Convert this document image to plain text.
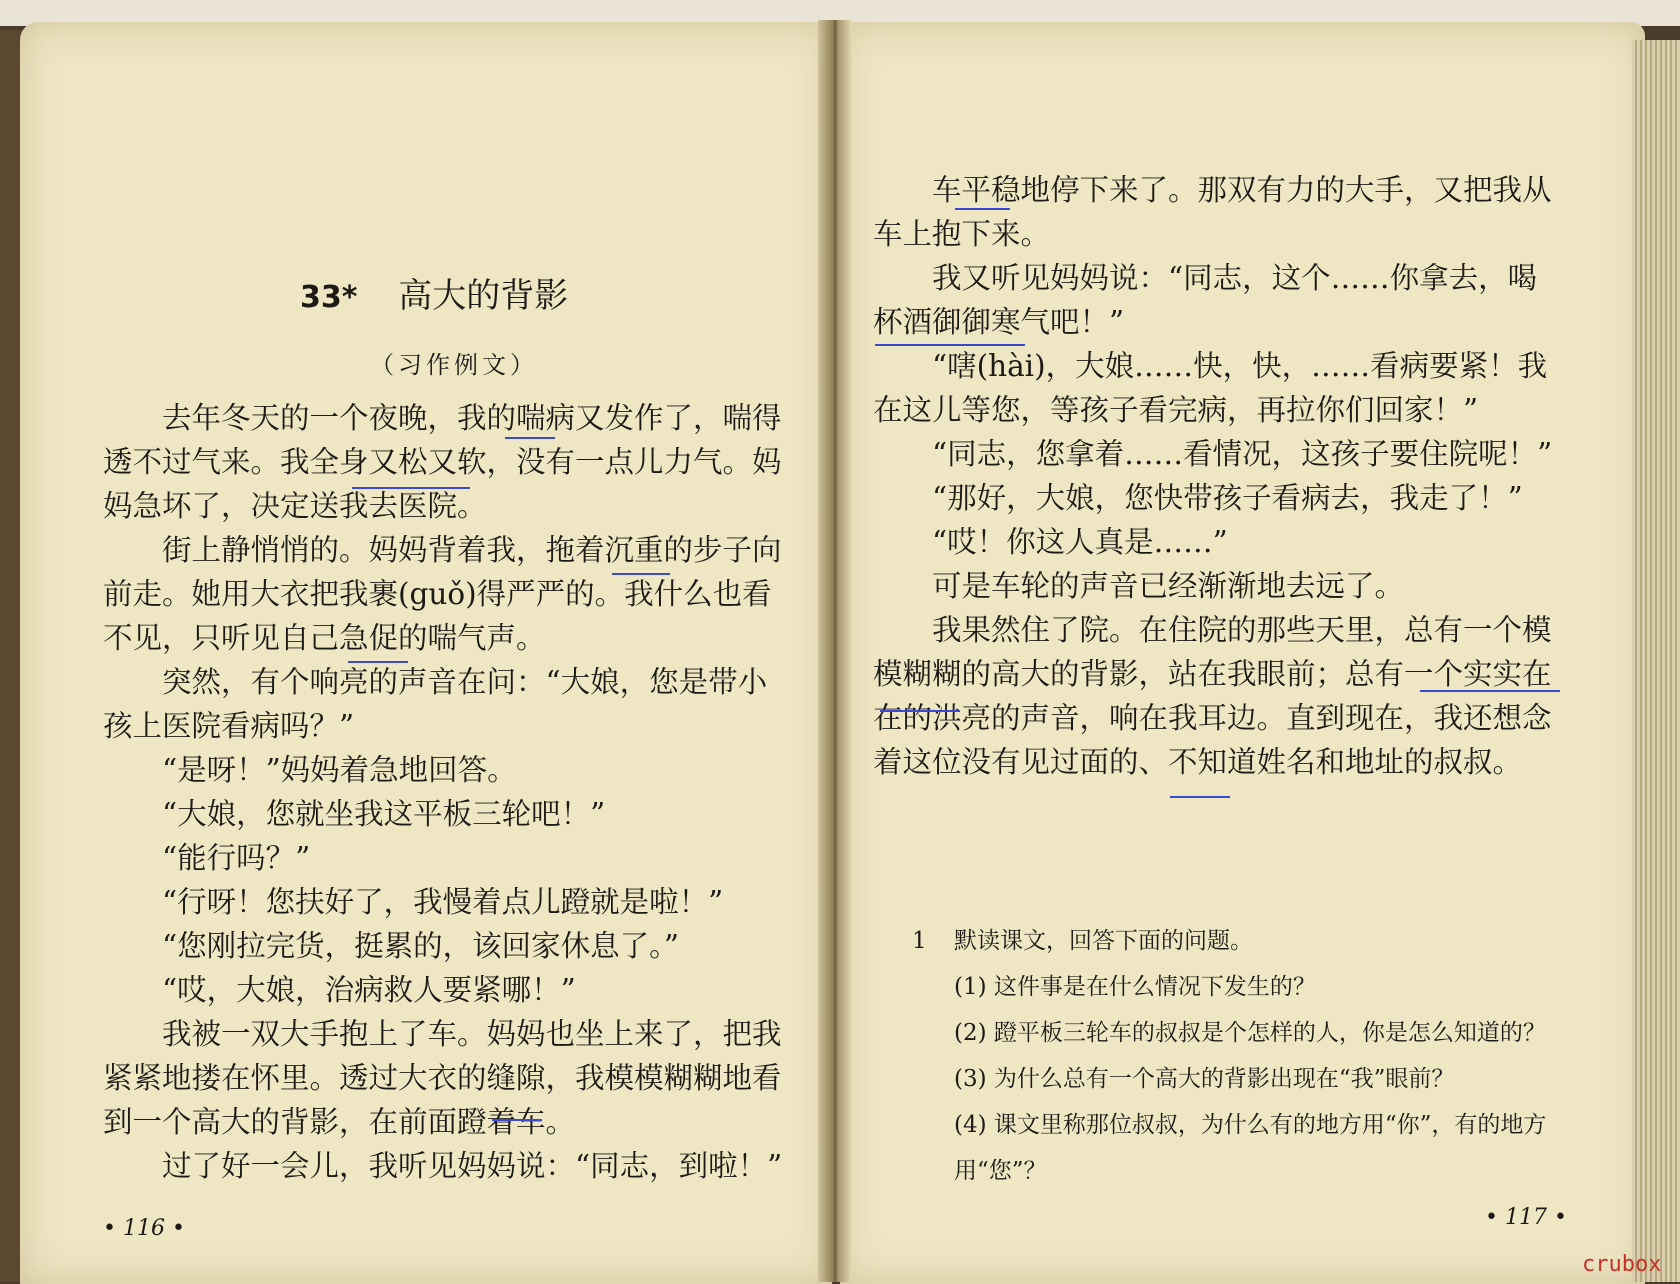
33* 高大的背影
（习作例文）

去年冬天的一个夜晚，我的喘病又发作了，喘得透不过气来。我全身又松又软，没有一点儿力气。妈妈急坏了，决定送我去医院。

街上静悄悄的。妈妈背着我，拖着沉重的步子向前走。她用大衣把我裹(guǒ)得严严的。我什么也看不见，只听见自己急促的喘气声。

突然，有个响亮的声音在问：“大娘，您是带小孩上医院看病吗？”

“是呀！”妈妈着急地回答。

“大娘，您就坐我这平板三轮吧！”

“能行吗？”

“行呀！您扶好了，我慢着点儿蹬就是啦！”

“您刚拉完货，挺累的，该回家休息了。”

“哎，大娘，治病救人要紧哪！”

我被一双大手抱上了车。妈妈也坐上来了，把我紧紧地搂在怀里。透过大衣的缝隙，我模模糊糊地看到一个高大的背影，在前面蹬着车。

过了好一会儿，我听见妈妈说：“同志，到啦！”

• 116 •

车平稳地停下来了。那双有力的大手，又把我从车上抱下来。

我又听见妈妈说：“同志，这个……你拿去，喝杯酒御御寒气吧！”

“嗐(hài)，大娘……快，快，……看病要紧！我在这儿等您，等孩子看完病，再拉你们回家！”

“同志，您拿着……看情况，这孩子要住院呢！”

“那好，大娘，您快带孩子看病去，我走了！”

“哎！你这人真是……”

可是车轮的声音已经渐渐地去远了。

我果然住了院。在住院的那些天里，总有一个模模糊糊的高大的背影，站在我眼前；总有一个实实在在的洪亮的声音，响在我耳边。直到现在，我还想念着这位没有见过面的、不知道姓名和地址的叔叔。

1 默读课文，回答下面的问题。
(1) 这件事是在什么情况下发生的？
(2) 蹬平板三轮车的叔叔是个怎样的人，你是怎么知道的？
(3) 为什么总有一个高大的背影出现在“我”眼前？
(4) 课文里称那位叔叔，为什么有的地方用“你”，有的地方用“您”？
• 117 •
crubox
